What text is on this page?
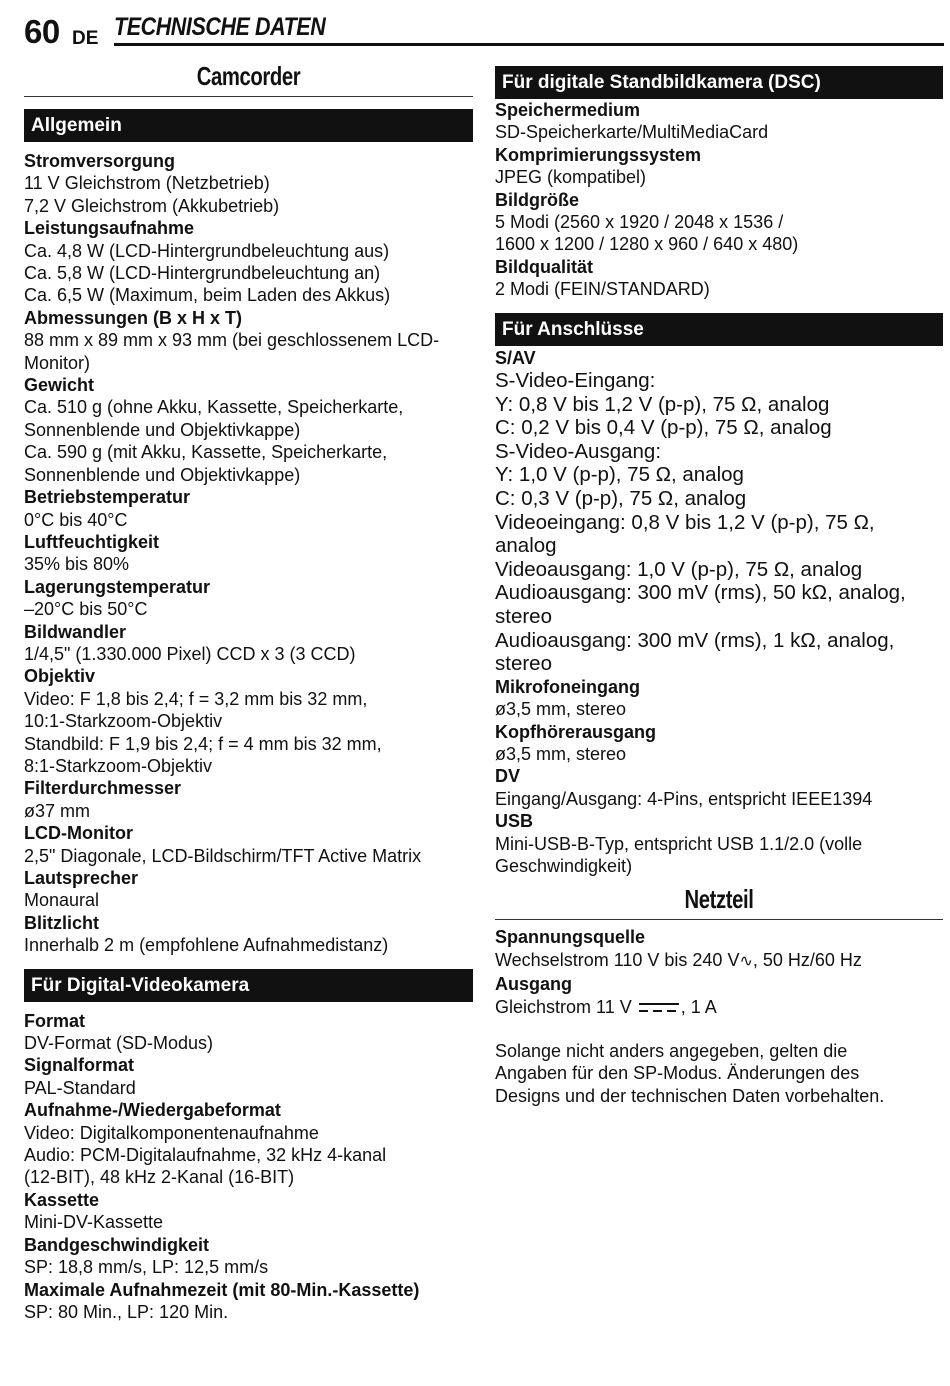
60 DE TECHNISCHE DATEN
Camcorder
Allgemein
Stromversorgung
11 V Gleichstrom (Netzbetrieb)
7,2 V Gleichstrom (Akkubetrieb)
Leistungsaufnahme
Ca. 4,8 W (LCD-Hintergrundbeleuchtung aus)
Ca. 5,8 W (LCD-Hintergrundbeleuchtung an)
Ca. 6,5 W (Maximum, beim Laden des Akkus)
Abmessungen (B x H x T)
88 mm x 89 mm x 93 mm (bei geschlossenem LCD-
Monitor)
Gewicht
Ca. 510 g (ohne Akku, Kassette, Speicherkarte,
Sonnenblende und Objektivkappe)
Ca. 590 g (mit Akku, Kassette, Speicherkarte,
Sonnenblende und Objektivkappe)
Betriebstemperatur
0°C bis 40°C
Luftfeuchtigkeit
35% bis 80%
Lagerungstemperatur
–20°C bis 50°C
Bildwandler
1/4,5" (1.330.000 Pixel) CCD x 3 (3 CCD)
Objektiv
Video: F 1,8 bis 2,4; f = 3,2 mm bis 32 mm,
10:1-Starkzoom-Objektiv
Standbild: F 1,9 bis 2,4; f = 4 mm bis 32 mm,
8:1-Starkzoom-Objektiv
Filterdurchmesser
ø37 mm
LCD-Monitor
2,5" Diagonale, LCD-Bildschirm/TFT Active Matrix
Lautsprecher
Monaural
Blitzlicht
Innerhalb 2 m (empfohlene Aufnahmedistanz)
Für Digital-Videokamera
Format
DV-Format (SD-Modus)
Signalformat
PAL-Standard
Aufnahme-/Wiedergabeformat
Video: Digitalkomponentenaufnahme
Audio: PCM-Digitalaufnahme, 32 kHz 4-kanal
(12-BIT), 48 kHz 2-Kanal (16-BIT)
Kassette
Mini-DV-Kassette
Bandgeschwindigkeit
SP: 18,8 mm/s, LP: 12,5 mm/s
Maximale Aufnahmezeit (mit 80-Min.-Kassette)
SP: 80 Min., LP: 120 Min.
Für digitale Standbildkamera (DSC)
Speichermedium
SD-Speicherkarte/MultiMediaCard
Komprimierungssystem
JPEG (kompatibel)
Bildgröße
5 Modi (2560 x 1920 / 2048 x 1536 /
1600 x 1200 / 1280 x 960 / 640 x 480)
Bildqualität
2 Modi (FEIN/STANDARD)
Für Anschlüsse
S/AV
S-Video-Eingang:
Y: 0,8 V bis 1,2 V (p-p), 75 Ω, analog
C: 0,2 V bis 0,4 V (p-p), 75 Ω, analog
S-Video-Ausgang:
Y: 1,0 V (p-p), 75 Ω, analog
C: 0,3 V (p-p), 75 Ω, analog
Videoeingang: 0,8 V bis 1,2 V (p-p), 75 Ω,
analog
Videoausgang: 1,0 V (p-p), 75 Ω, analog
Audioausgang: 300 mV (rms), 50 kΩ, analog,
stereo
Audioausgang: 300 mV (rms), 1 kΩ, analog,
stereo
Mikrofoneingang
ø3,5 mm, stereo
Kopfhörerausgang
ø3,5 mm, stereo
DV
Eingang/Ausgang: 4-Pins, entspricht IEEE1394
USB
Mini-USB-B-Typ, entspricht USB 1.1/2.0 (volle
Geschwindigkeit)
Netzteil
Spannungsquelle
Wechselstrom 110 V bis 240 V∿, 50 Hz/60 Hz
Ausgang
Gleichstrom 11 V	, 1 A
Solange nicht anders angegeben, gelten die
Angaben für den SP-Modus. Änderungen des
Designs und der technischen Daten vorbehalten.
